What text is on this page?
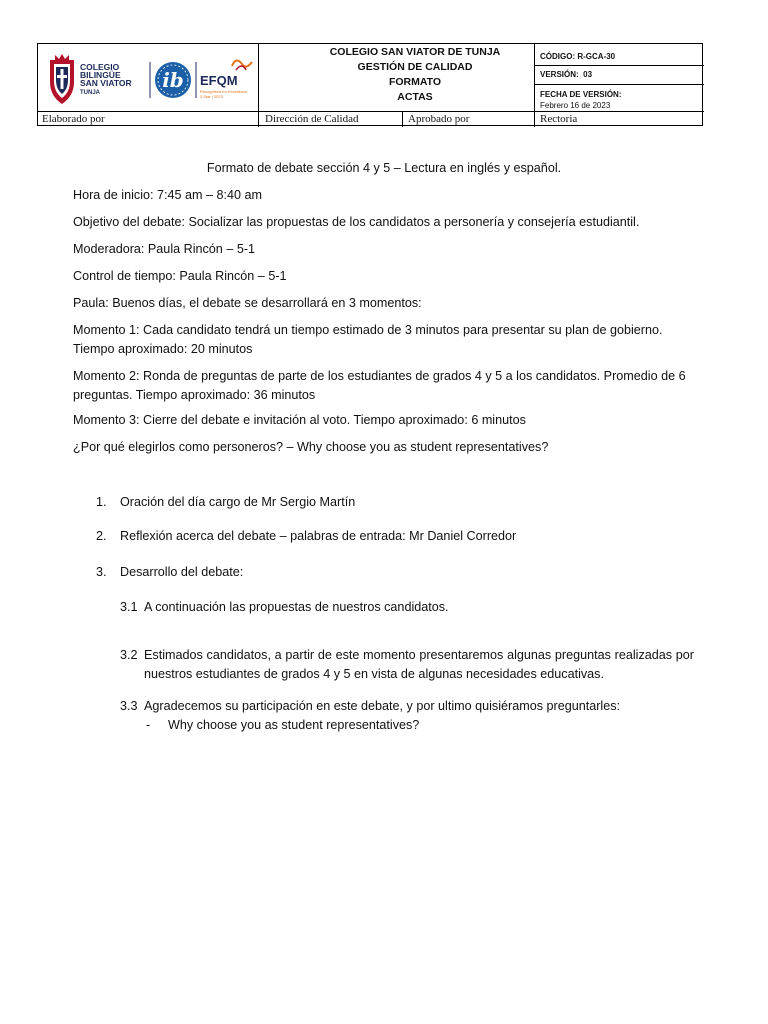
COLEGIO
BILINGÜE
SAN VIATOR
TUNJA
ib EFQM
Recognised for Excellence
3 Star | 2023
COLEGIO SAN VIATOR DE TUNJA
GESTIÓN DE CALIDAD
FORMATO
ACTAS
CÓDIGO: R-GCA-30
VERSIÓN: 03
FECHA DE VERSIÓN:
Febrero 16 de 2023
Elaborado por	Dirección de Calidad	Aprobado por	Rectoria
Formato de debate sección 4 y 5 – Lectura en inglés y español.
Hora de inicio: 7:45 am – 8:40 am
Objetivo del debate: Socializar las propuestas de los candidatos a personería y consejería estudiantil.
Moderadora: Paula Rincón – 5-1
Control de tiempo: Paula Rincón – 5-1
Paula: Buenos días, el debate se desarrollará en 3 momentos:
Momento 1: Cada candidato tendrá un tiempo estimado de 3 minutos para presentar su plan de gobierno. Tiempo aproximado: 20 minutos
Momento 2: Ronda de preguntas de parte de los estudiantes de grados 4 y 5 a los candidatos. Promedio de 6 preguntas. Tiempo aproximado: 36 minutos
Momento 3: Cierre del debate e invitación al voto. Tiempo aproximado: 6 minutos
¿Por qué elegirlos como personeros? – Why choose you as student representatives?
1. Oración del día cargo de Mr Sergio Martín
2. Reflexión acerca del debate – palabras de entrada: Mr Daniel Corredor
3. Desarrollo del debate:
3.1 A continuación las propuestas de nuestros candidatos.
3.2 Estimados candidatos, a partir de este momento presentaremos algunas preguntas realizadas por nuestros estudiantes de grados 4 y 5 en vista de algunas necesidades educativas.
3.3 Agradecemos su participación en este debate, y por ultimo quisiéramos preguntarles:
- Why choose you as student representatives?
